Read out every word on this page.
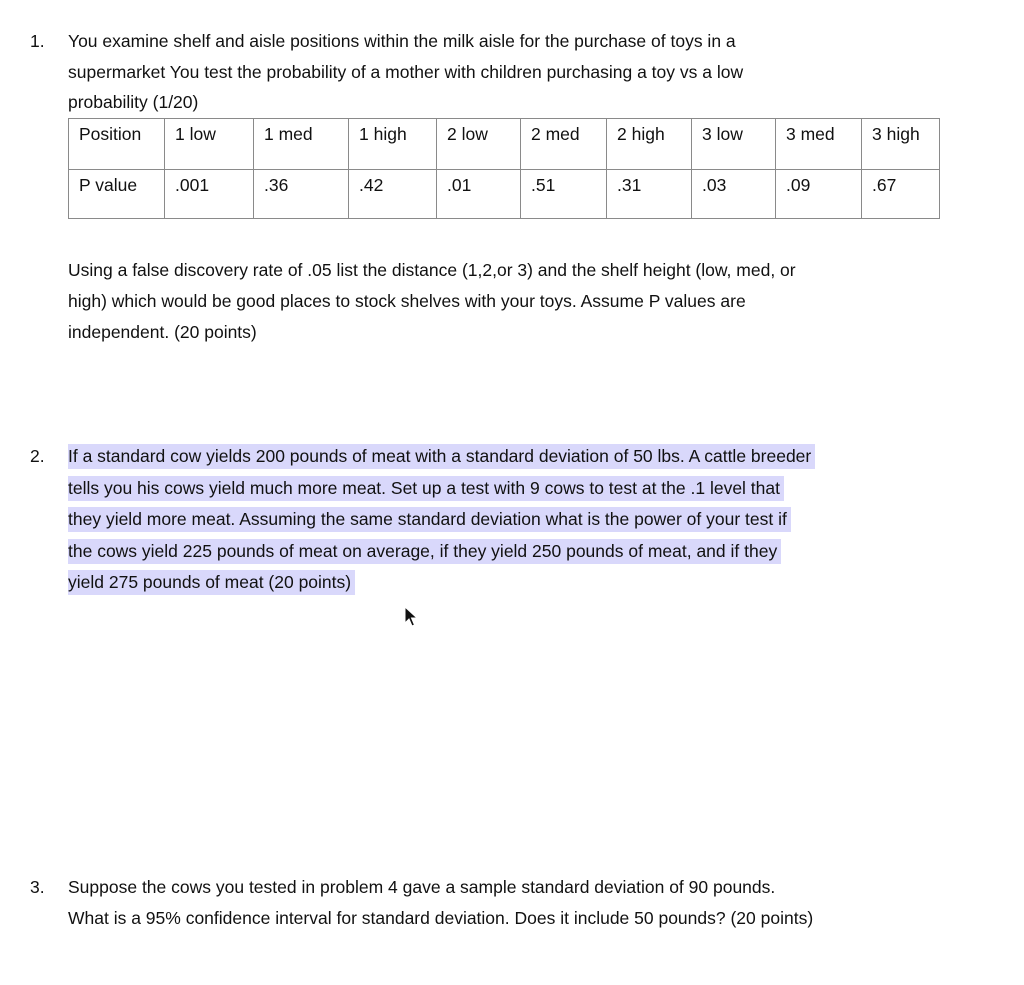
1. You examine shelf and aisle positions within the milk aisle for the purchase of toys in a
supermarket You test the probability of a mother with children purchasing a toy vs a low
probability (1/20)
Position	1 low	1 med	1 high	2 low	2 med	2 high	3 low	3 med	3 high
P value	.001	.36	.42	.01	.51	.31	.03	.09	.67
Using a false discovery rate of .05 list the distance (1,2,or 3) and the shelf height (low, med, or
high) which would be good places to stock shelves with your toys. Assume P values are
independent. (20 points)
2. If a standard cow yields 200 pounds of meat with a standard deviation of 50 lbs. A cattle breeder
tells you his cows yield much more meat. Set up a test with 9 cows to test at the .1 level that
they yield more meat. Assuming the same standard deviation what is the power of your test if
the cows yield 225 pounds of meat on average, if they yield 250 pounds of meat, and if they
yield 275 pounds of meat (20 points)
3. Suppose the cows you tested in problem 4 gave a sample standard deviation of 90 pounds.
What is a 95% confidence interval for standard deviation. Does it include 50 pounds? (20 points)
